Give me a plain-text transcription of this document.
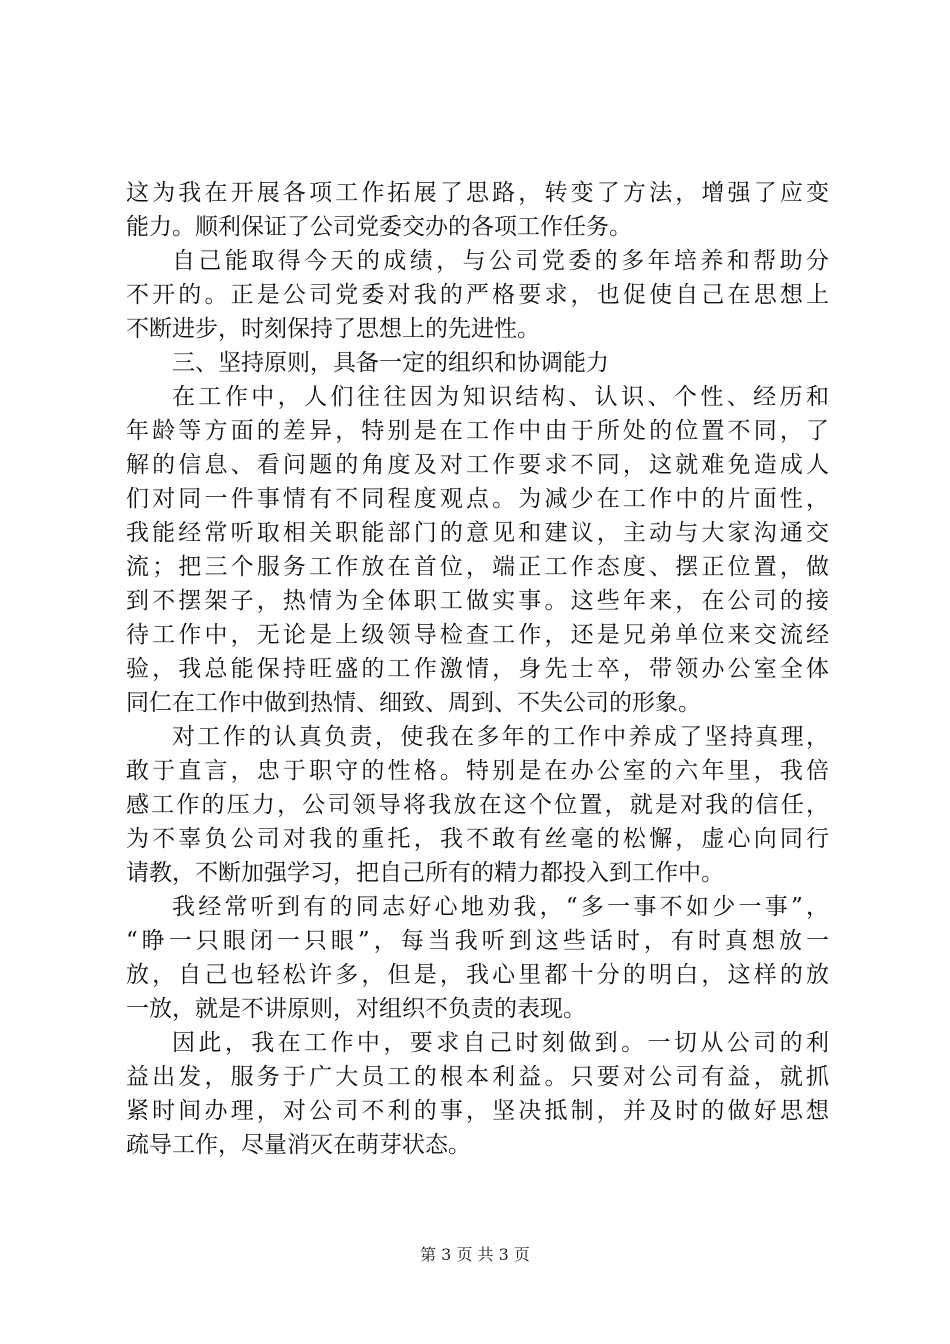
这为我在开展各项工作拓展了思路，转变了方法，增强了应变
能力。顺利保证了公司党委交办的各项工作任务。
自己能取得今天的成绩，与公司党委的多年培养和帮助分
不开的。正是公司党委对我的严格要求，也促使自己在思想上
不断进步，时刻保持了思想上的先进性。
三、坚持原则，具备一定的组织和协调能力
在工作中，人们往往因为知识结构、认识、个性、经历和
年龄等方面的差异，特别是在工作中由于所处的位置不同，了
解的信息、看问题的角度及对工作要求不同，这就难免造成人
们对同一件事情有不同程度观点。为减少在工作中的片面性，
我能经常听取相关职能部门的意见和建议，主动与大家沟通交
流；把三个服务工作放在首位，端正工作态度、摆正位置，做
到不摆架子，热情为全体职工做实事。这些年来，在公司的接
待工作中，无论是上级领导检查工作，还是兄弟单位来交流经
验，我总能保持旺盛的工作激情，身先士卒，带领办公室全体
同仁在工作中做到热情、细致、周到、不失公司的形象。
对工作的认真负责，使我在多年的工作中养成了坚持真理，
敢于直言，忠于职守的性格。特别是在办公室的六年里，我倍
感工作的压力，公司领导将我放在这个位置，就是对我的信任，
为不辜负公司对我的重托，我不敢有丝毫的松懈，虚心向同行
请教，不断加强学习，把自己所有的精力都投入到工作中。
我经常听到有的同志好心地劝我，“多一事不如少一事”，
“睁一只眼闭一只眼”，每当我听到这些话时，有时真想放一
放，自己也轻松许多，但是，我心里都十分的明白，这样的放
一放，就是不讲原则，对组织不负责的表现。
因此，我在工作中，要求自己时刻做到。一切从公司的利
益出发，服务于广大员工的根本利益。只要对公司有益，就抓
紧时间办理，对公司不利的事，坚决抵制，并及时的做好思想
疏导工作，尽量消灭在萌芽状态。
第 3 页 共 3 页
